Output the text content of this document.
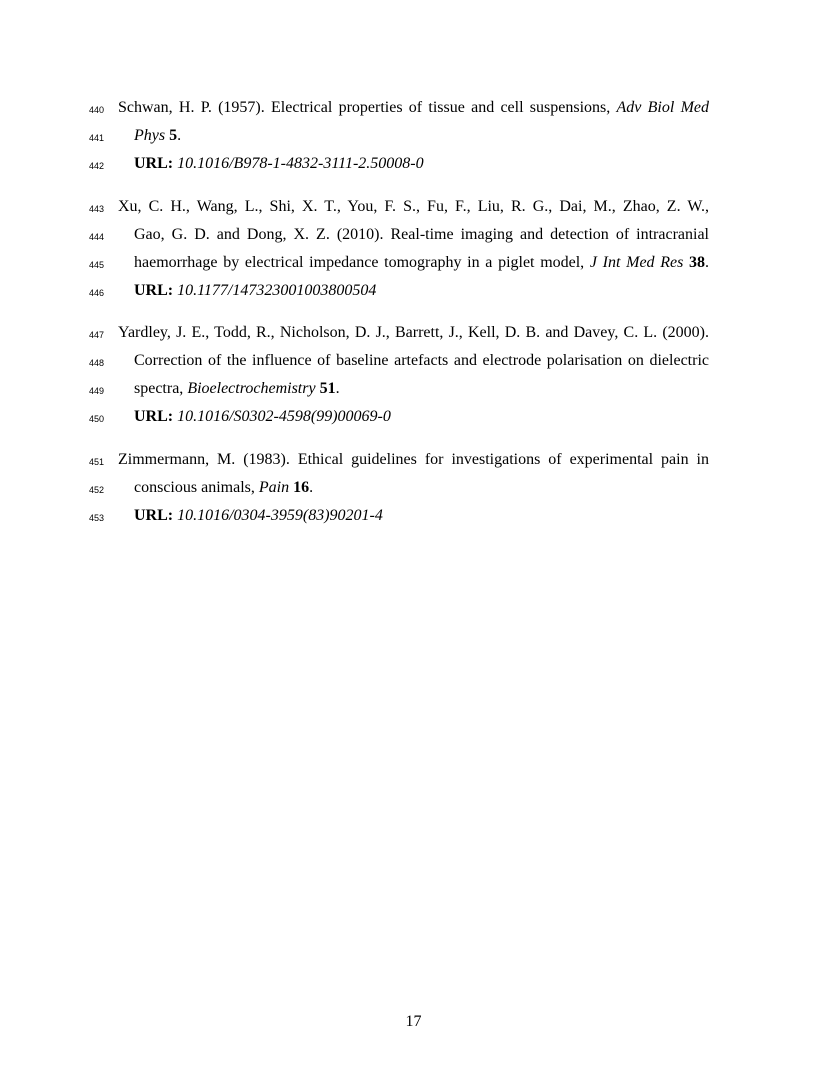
440 Schwan, H. P. (1957). Electrical properties of tissue and cell suspensions, Adv Biol Med
441 Phys 5.
442 URL: 10.1016/B978-1-4832-3111-2.50008-0
443 Xu, C. H., Wang, L., Shi, X. T., You, F. S., Fu, F., Liu, R. G., Dai, M., Zhao, Z. W.,
444 Gao, G. D. and Dong, X. Z. (2010). Real-time imaging and detection of intracranial
445 haemorrhage by electrical impedance tomography in a piglet model, J Int Med Res 38.
446 URL: 10.1177/147323001003800504
447 Yardley, J. E., Todd, R., Nicholson, D. J., Barrett, J., Kell, D. B. and Davey, C. L. (2000).
448 Correction of the influence of baseline artefacts and electrode polarisation on dielectric
449 spectra, Bioelectrochemistry 51.
450 URL: 10.1016/S0302-4598(99)00069-0
451 Zimmermann, M. (1983). Ethical guidelines for investigations of experimental pain in
452 conscious animals, Pain 16.
453 URL: 10.1016/0304-3959(83)90201-4
17
